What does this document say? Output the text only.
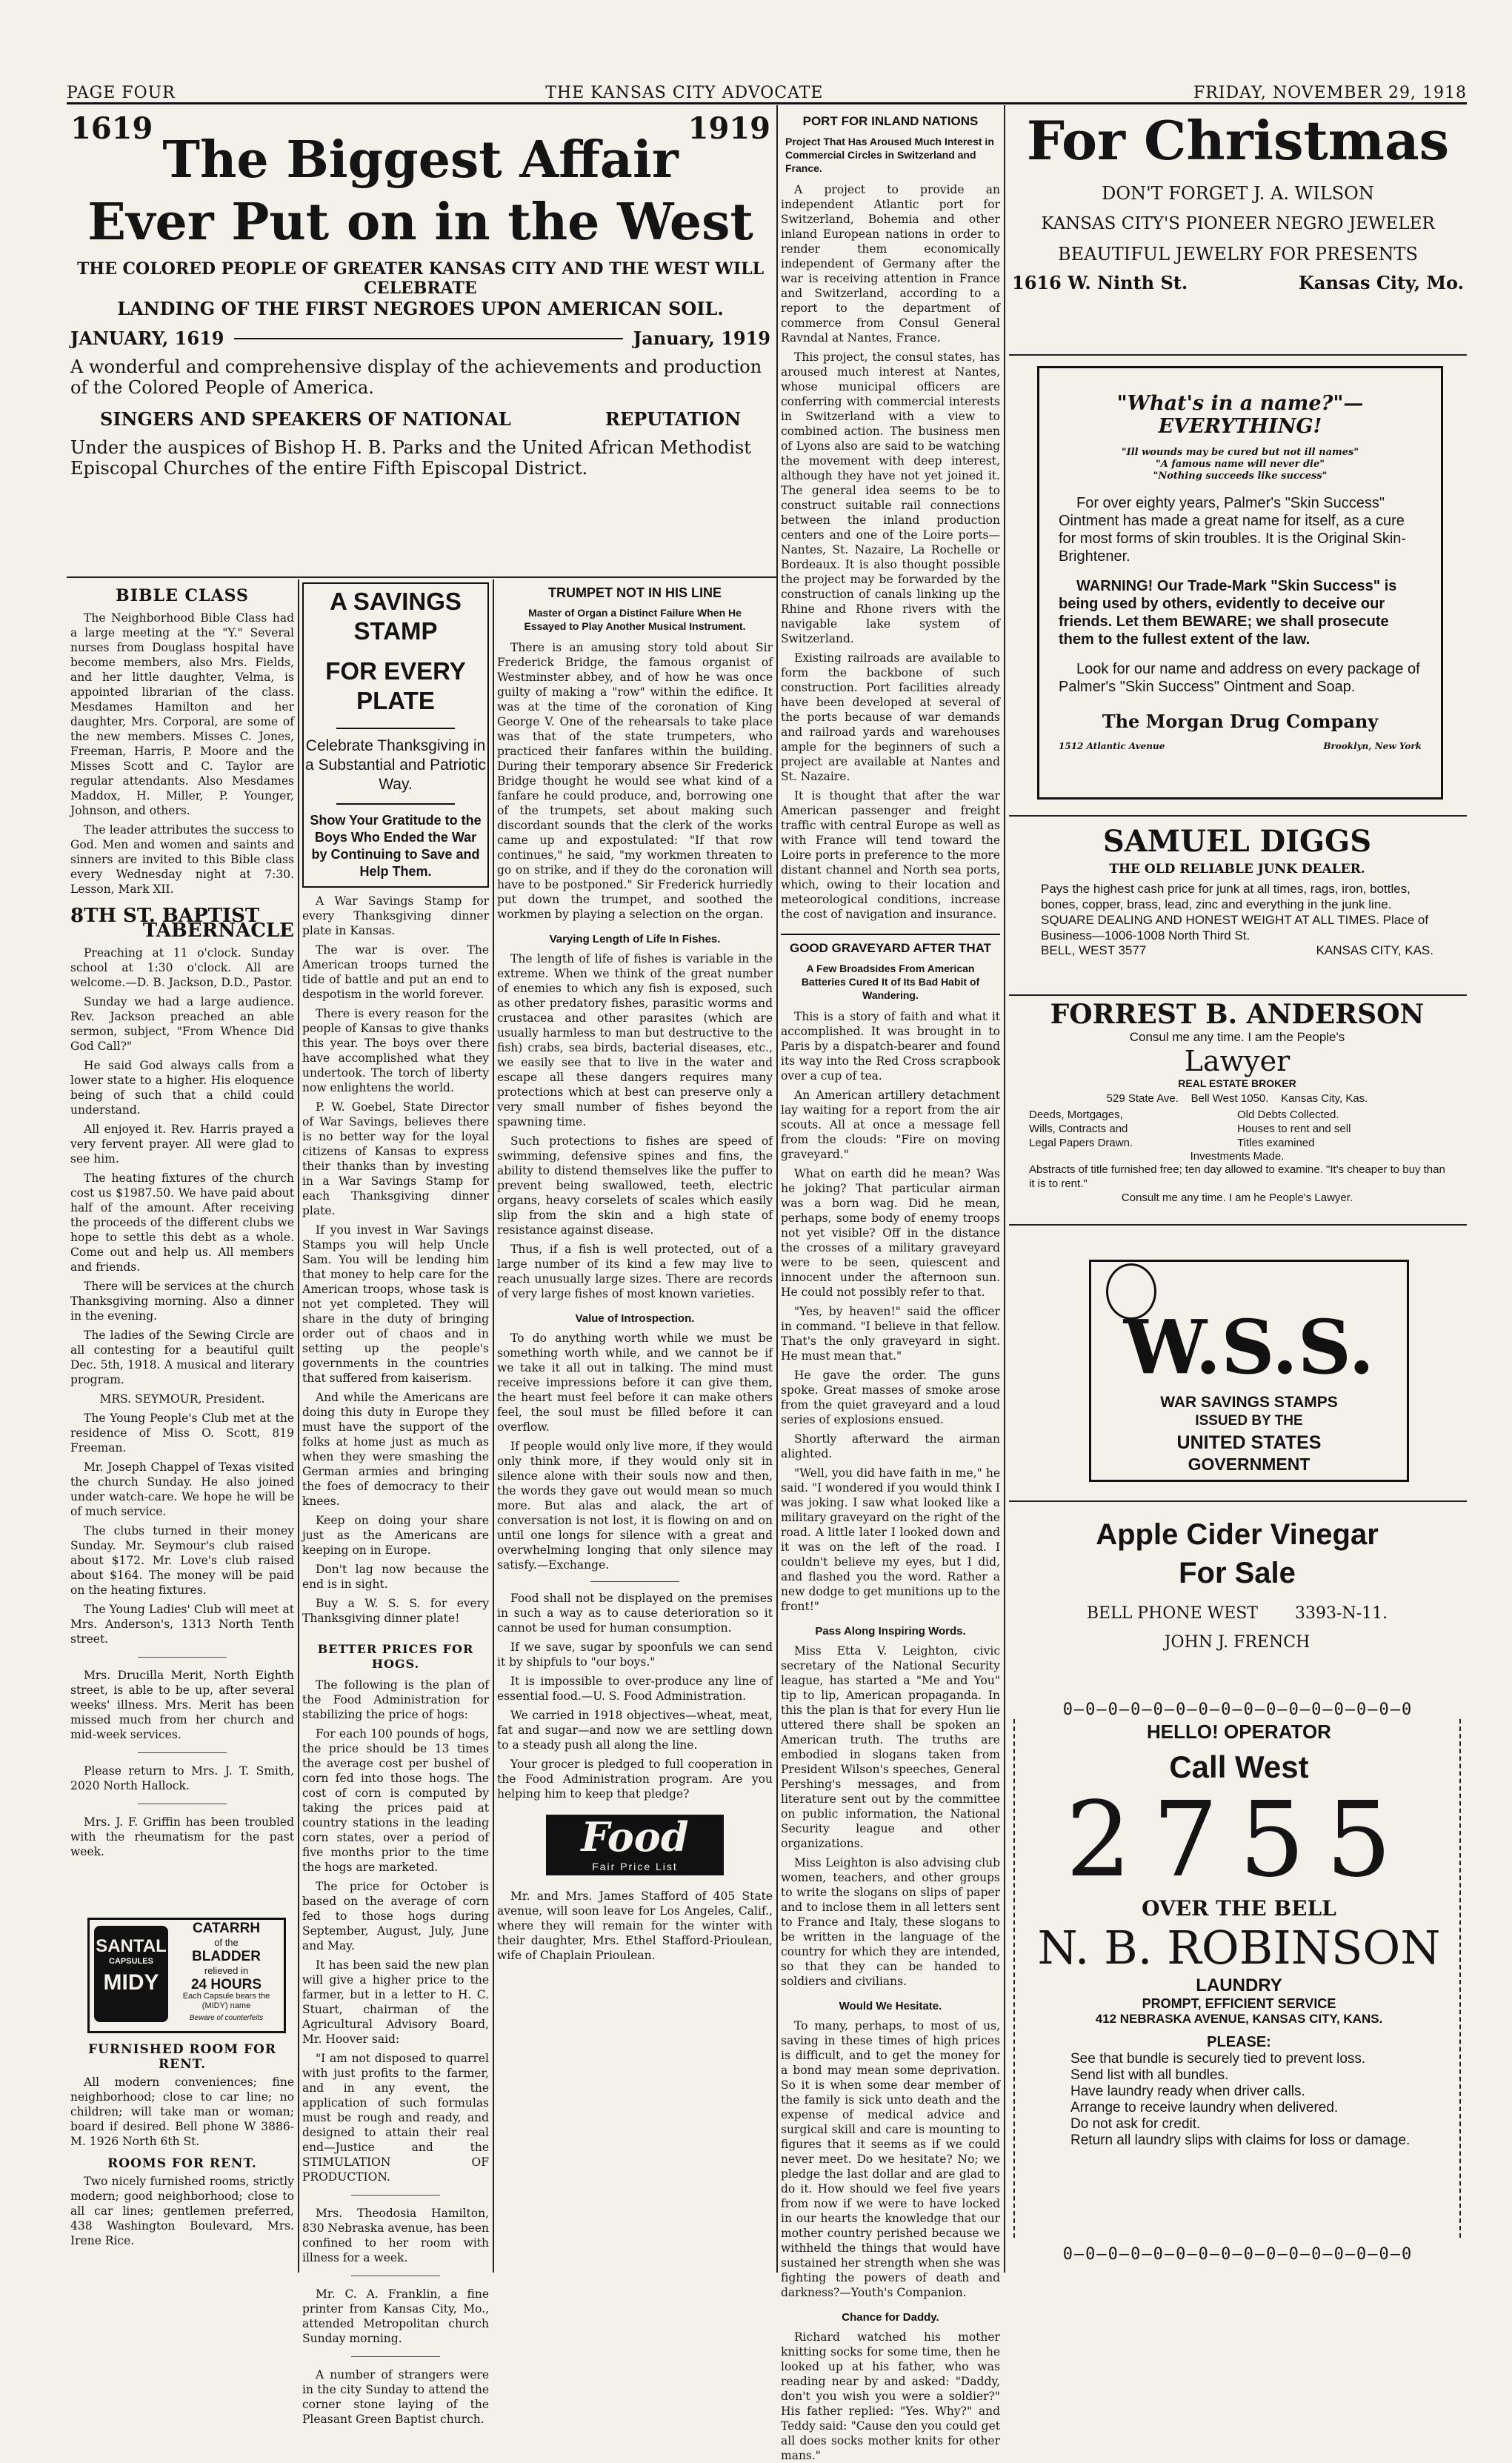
PAGE FOUR	THE KANSAS CITY ADVOCATE	FRIDAY, NOVEMBER 29, 1918
1619	1919
The Biggest Affair
Ever Put on in the West
THE COLORED PEOPLE OF GREATER KANSAS CITY AND THE WEST WILL CELEBRATE
LANDING OF THE FIRST NEGROES UPON AMERICAN SOIL.
JANUARY, 1619	January, 1919
A wonderful and comprehensive display of the achievements and production of the Colored People of America.
SINGERS AND SPEAKERS OF NATIONAL	REPUTATION
Under the auspices of Bishop H. B. Parks and the United African Methodist Episcopal Churches of the entire Fifth Episcopal District.
BIBLE CLASS

The Neighborhood Bible Class had a large meeting at the "Y." Several nurses from Douglass hospital have become members, also Mrs. Fields, and her little daughter, Velma, is appointed librarian of the class. Mesdames Hamilton and her daughter, Mrs. Corporal, are some of the new members. Misses C. Jones, Freeman, Harris, P. Moore and the Misses Scott and C. Taylor are regular attendants. Also Mesdames Maddox, H. Miller, P. Younger, Johnson, and others.

The leader attributes the success to God. Men and women and saints and sinners are invited to this Bible class every Wednesday night at 7:30. Lesson, Mark XII.

8TH ST. BAPTIST
TABERNACLE

Preaching at 11 o'clock. Sunday school at 1:30 o'clock. All are welcome.—D. B. Jackson, D.D., Pastor.

Sunday we had a large audience. Rev. Jackson preached an able sermon, subject, "From Whence Did God Call?"

He said God always calls from a lower state to a higher. His eloquence being of such that a child could understand.

All enjoyed it. Rev. Harris prayed a very fervent prayer. All were glad to see him.

The heating fixtures of the church cost us $1987.50. We have paid about half of the amount. After receiving the proceeds of the different clubs we hope to settle this debt as a whole. Come out and help us. All members and friends.

There will be services at the church Thanksgiving morning. Also a dinner in the evening.

The ladies of the Sewing Circle are all contesting for a beautiful quilt Dec. 5th, 1918. A musical and literary program.

MRS. SEYMOUR, President.

The Young People's Club met at the residence of Miss O. Scott, 819 Freeman.

Mr. Joseph Chappel of Texas visited the church Sunday. He also joined under watch-care. We hope he will be of much service.

The clubs turned in their money Sunday. Mr. Seymour's club raised about $172. Mr. Love's club raised about $164. The money will be paid on the heating fixtures.

The Young Ladies' Club will meet at Mrs. Anderson's, 1313 North Tenth street.

Mrs. Drucilla Merit, North Eighth street, is able to be up, after several weeks' illness. Mrs. Merit has been missed much from her church and mid-week services.

Please return to Mrs. J. T. Smith, 2020 North Hallock.

Mrs. J. F. Griffin has been troubled with the rheumatism for the past week.

SANTAL
CAPSULES
MIDY
CATARRH
of the
BLADDER
relieved in
24 HOURS
Each Capsule bears the (MIDY) name
Beware of counterfeits
FURNISHED ROOM FOR RENT.

All modern conveniences; fine neighborhood; close to car line; no children; will take man or woman; board if desired. Bell phone W 3886-M. 1926 North 6th St.

ROOMS FOR RENT.

Two nicely furnished rooms, strictly modern; good neighborhood; close to all car lines; gentlemen preferred, 438 Washington Boulevard, Mrs. Irene Rice.

A SAVINGS STAMP
FOR EVERY PLATE
Celebrate Thanksgiving in a Substantial and Patriotic Way.
Show Your Gratitude to the Boys Who Ended the War by Continuing to Save and Help Them.

A War Savings Stamp for every Thanksgiving dinner plate in Kansas.

The war is over. The American troops turned the tide of battle and put an end to despotism in the world forever.

There is every reason for the people of Kansas to give thanks this year. The boys over there have accomplished what they undertook. The torch of liberty now enlightens the world.

P. W. Goebel, State Director of War Savings, believes there is no better way for the loyal citizens of Kansas to express their thanks than by investing in a War Savings Stamp for each Thanksgiving dinner plate.

If you invest in War Savings Stamps you will help Uncle Sam. You will be lending him that money to help care for the American troops, whose task is not yet completed. They will share in the duty of bringing order out of chaos and in setting up the people's governments in the countries that suffered from kaiserism.

And while the Americans are doing this duty in Europe they must have the support of the folks at home just as much as when they were smashing the German armies and bringing the foes of democracy to their knees.

Keep on doing your share just as the Americans are keeping on in Europe.

Don't lag now because the end is in sight.

Buy a W. S. S. for every Thanksgiving dinner plate!

BETTER PRICES FOR HOGS.

The following is the plan of the Food Administration for stabilizing the price of hogs:

For each 100 pounds of hogs, the price should be 13 times the average cost per bushel of corn fed into those hogs. The cost of corn is computed by taking the prices paid at country stations in the leading corn states, over a period of five months prior to the time the hogs are marketed.

The price for October is based on the average of corn fed to those hogs during September, August, July, June and May.

It has been said the new plan will give a higher price to the farmer, but in a letter to H. C. Stuart, chairman of the Agricultural Advisory Board, Mr. Hoover said:

"I am not disposed to quarrel with just profits to the farmer, and in any event, the application of such formulas must be rough and ready, and designed to attain their real end—Justice and the STIMULATION OF PRODUCTION.

Mrs. Theodosia Hamilton, 830 Nebraska avenue, has been confined to her room with illness for a week.

Mr. C. A. Franklin, a fine printer from Kansas City, Mo., attended Metropolitan church Sunday morning.

A number of strangers were in the city Sunday to attend the corner stone laying of the Pleasant Green Baptist church.

TRUMPET NOT IN HIS LINE
Master of Organ a Distinct Failure When He Essayed to Play Another Musical Instrument.

There is an amusing story told about Sir Frederick Bridge, the famous organist of Westminster abbey, and of how he was once guilty of making a "row" within the edifice. It was at the time of the coronation of King George V. One of the rehearsals to take place was that of the state trumpeters, who practiced their fanfares within the building. During their temporary absence Sir Frederick Bridge thought he would see what kind of a fanfare he could produce, and, borrowing one of the trumpets, set about making such discordant sounds that the clerk of the works came up and expostulated: "If that row continues," he said, "my workmen threaten to go on strike, and if they do the coronation will have to be postponed." Sir Frederick hurriedly put down the trumpet, and soothed the workmen by playing a selection on the organ.

Varying Length of Life In Fishes.

The length of life of fishes is variable in the extreme. When we think of the great number of enemies to which any fish is exposed, such as other predatory fishes, parasitic worms and crustacea and other parasites (which are usually harmless to man but destructive to the fish) crabs, sea birds, bacterial diseases, etc., we easily see that to live in the water and escape all these dangers requires many protections which at best can preserve only a very small number of fishes beyond the spawning time.

Such protections to fishes are speed of swimming, defensive spines and fins, the ability to distend themselves like the puffer to prevent being swallowed, teeth, electric organs, heavy corselets of scales which easily slip from the skin and a high state of resistance against disease.

Thus, if a fish is well protected, out of a large number of its kind a few may live to reach unusually large sizes. There are records of very large fishes of most known varieties.

Value of Introspection.

To do anything worth while we must be something worth while, and we cannot be if we take it all out in talking. The mind must receive impressions before it can give them, the heart must feel before it can make others feel, the soul must be filled before it can overflow.

If people would only live more, if they would only think more, if they would only sit in silence alone with their souls now and then, the words they gave out would mean so much more. But alas and alack, the art of conversation is not lost, it is flowing on and on until one longs for silence with a great and overwhelming longing that only silence may satisfy.—Exchange.

Food shall not be displayed on the premises in such a way as to cause deterioration so it cannot be used for human consumption.

If we save, sugar by spoonfuls we can send it by shipfuls to "our boys."

It is impossible to over-produce any line of essential food.—U. S. Food Administration.

We carried in 1918 objectives—wheat, meat, fat and sugar—and now we are settling down to a steady push all along the line.

Your grocer is pledged to full cooperation in the Food Administration program. Are you helping him to keep that pledge?

Food
Fair Price List

Mr. and Mrs. James Stafford of 405 State avenue, will soon leave for Los Angeles, Calif., where they will remain for the winter with their daughter, Mrs. Ethel Stafford-Prioulean, wife of Chaplain Prioulean.

PORT FOR INLAND NATIONS
Project That Has Aroused Much Interest in Commercial Circles in Switzerland and France.

A project to provide an independent Atlantic port for Switzerland, Bohemia and other inland European nations in order to render them economically independent of Germany after the war is receiving attention in France and Switzerland, according to a report to the department of commerce from Consul General Ravndal at Nantes, France.

This project, the consul states, has aroused much interest at Nantes, whose municipal officers are conferring with commercial interests in Switzerland with a view to combined action. The business men of Lyons also are said to be watching the movement with deep interest, although they have not yet joined it. The general idea seems to be to construct suitable rail connections between the inland production centers and one of the Loire ports—Nantes, St. Nazaire, La Rochelle or Bordeaux. It is also thought possible the project may be forwarded by the construction of canals linking up the Rhine and Rhone rivers with the navigable lake system of Switzerland.

Existing railroads are available to form the backbone of such construction. Port facilities already have been developed at several of the ports because of war demands and railroad yards and warehouses ample for the beginners of such a project are available at Nantes and St. Nazaire.

It is thought that after the war American passenger and freight traffic with central Europe as well as with France will tend toward the Loire ports in preference to the more distant channel and North sea ports, which, owing to their location and meteorological conditions, increase the cost of navigation and insurance.

GOOD GRAVEYARD AFTER THAT
A Few Broadsides From American Batteries Cured It of Its Bad Habit of Wandering.

This is a story of faith and what it accomplished. It was brought in to Paris by a dispatch-bearer and found its way into the Red Cross scrapbook over a cup of tea.

An American artillery detachment lay waiting for a report from the air scouts. All at once a message fell from the clouds: "Fire on moving graveyard."

What on earth did he mean? Was he joking? That particular airman was a born wag. Did he mean, perhaps, some body of enemy troops not yet visible? Off in the distance the crosses of a military graveyard were to be seen, quiescent and innocent under the afternoon sun. He could not possibly refer to that.

"Yes, by heaven!" said the officer in command. "I believe in that fellow. That's the only graveyard in sight. He must mean that."

He gave the order. The guns spoke. Great masses of smoke arose from the quiet graveyard and a loud series of explosions ensued.

Shortly afterward the airman alighted.

"Well, you did have faith in me," he said. "I wondered if you would think I was joking. I saw what looked like a military graveyard on the right of the road. A little later I looked down and it was on the left of the road. I couldn't believe my eyes, but I did, and flashed you the word. Rather a new dodge to get munitions up to the front!"

Pass Along Inspiring Words.

Miss Etta V. Leighton, civic secretary of the National Security league, has started a "Me and You" tip to lip, American propaganda. In this the plan is that for every Hun lie uttered there shall be spoken an American truth. The truths are embodied in slogans taken from President Wilson's speeches, General Pershing's messages, and from literature sent out by the committee on public information, the National Security league and other organizations.

Miss Leighton is also advising club women, teachers, and other groups to write the slogans on slips of paper and to inclose them in all letters sent to France and Italy, these slogans to be written in the language of the country for which they are intended, so that they can be handed to soldiers and civilians.

Would We Hesitate.

To many, perhaps, to most of us, saving in these times of high prices is difficult, and to get the money for a bond may mean some deprivation. So it is when some dear member of the family is sick unto death and the expense of medical advice and surgical skill and care is mounting to figures that it seems as if we could never meet. Do we hesitate? No; we pledge the last dollar and are glad to do it. How should we feel five years from now if we were to have locked in our hearts the knowledge that our mother country perished because we withheld the things that would have sustained her strength when she was fighting the powers of death and darkness?—Youth's Companion.

Chance for Daddy.

Richard watched his mother knitting socks for some time, then he looked up at his father, who was reading near by and asked: "Daddy, don't you wish you were a soldier?" His father replied: "Yes. Why?" and Teddy said: "Cause den you could get all does socks mother knits for other mans."

For Christmas
DON'T FORGET J. A. WILSON
KANSAS CITY'S PIONEER NEGRO JEWELER
BEAUTIFUL JEWELRY FOR PRESENTS
1616 W. Ninth St.	Kansas City, Mo.
"What's in a name?"—EVERYTHING!
"Ill wounds may be cured but not ill names"
"A famous name will never die"
"Nothing succeeds like success"
For over eighty years, Palmer's "Skin Success" Ointment has made a great name for itself, as a cure for most forms of skin troubles. It is the Original Skin-Brightener.
WARNING! Our Trade-Mark "Skin Success" is being used by others, evidently to deceive our friends. Let them BEWARE; we shall prosecute them to the fullest extent of the law.
Look for our name and address on every package of Palmer's "Skin Success" Ointment and Soap.
The Morgan Drug Company
1512 Atlantic Avenue	Brooklyn, New York
SAMUEL DIGGS
THE OLD RELIABLE JUNK DEALER.
Pays the highest cash price for junk at all times, rags, iron, bottles, bones, copper, brass, lead, zinc and everything in the junk line.
SQUARE DEALING AND HONEST WEIGHT AT ALL TIMES. Place of Business—1006-1008 North Third St.
BELL, WEST 3577	KANSAS CITY, KAS.
FORREST B. ANDERSON
Consul me any time. I am the People's
Lawyer
REAL ESTATE BROKER
529 State Ave.    Bell West 1050.    Kansas City, Kas.
Deeds, Mortgages,	Old Debts Collected.
Wills, Contracts and	Houses to rent and sell
Legal Papers Drawn.	Titles examined
Investments Made.
Abstracts of title furnished free; ten day allowed to examine. "It's cheaper to buy than it is to rent."
Consult me any time. I am he People's Lawyer.
W.S.S.
WAR SAVINGS STAMPS
ISSUED BY THE
UNITED STATES
GOVERNMENT
Apple Cider Vinegar
For Sale
BELL PHONE WEST 3393-N-11.
JOHN J. FRENCH
0—0—0—0—0—0—0—0—0—0—0—0—0—0—0—0
HELLO! OPERATOR
Call West
2755
OVER THE BELL
N. B. ROBINSON
LAUNDRY
PROMPT, EFFICIENT SERVICE
412 NEBRASKA AVENUE, KANSAS CITY, KANS.
PLEASE:
See that bundle is securely tied to prevent loss.
Send list with all bundles.
Have laundry ready when driver calls.
Arrange to receive laundry when delivered.
Do not ask for credit.
Return all laundry slips with claims for loss or damage.
0—0—0—0—0—0—0—0—0—0—0—0—0—0—0—0
